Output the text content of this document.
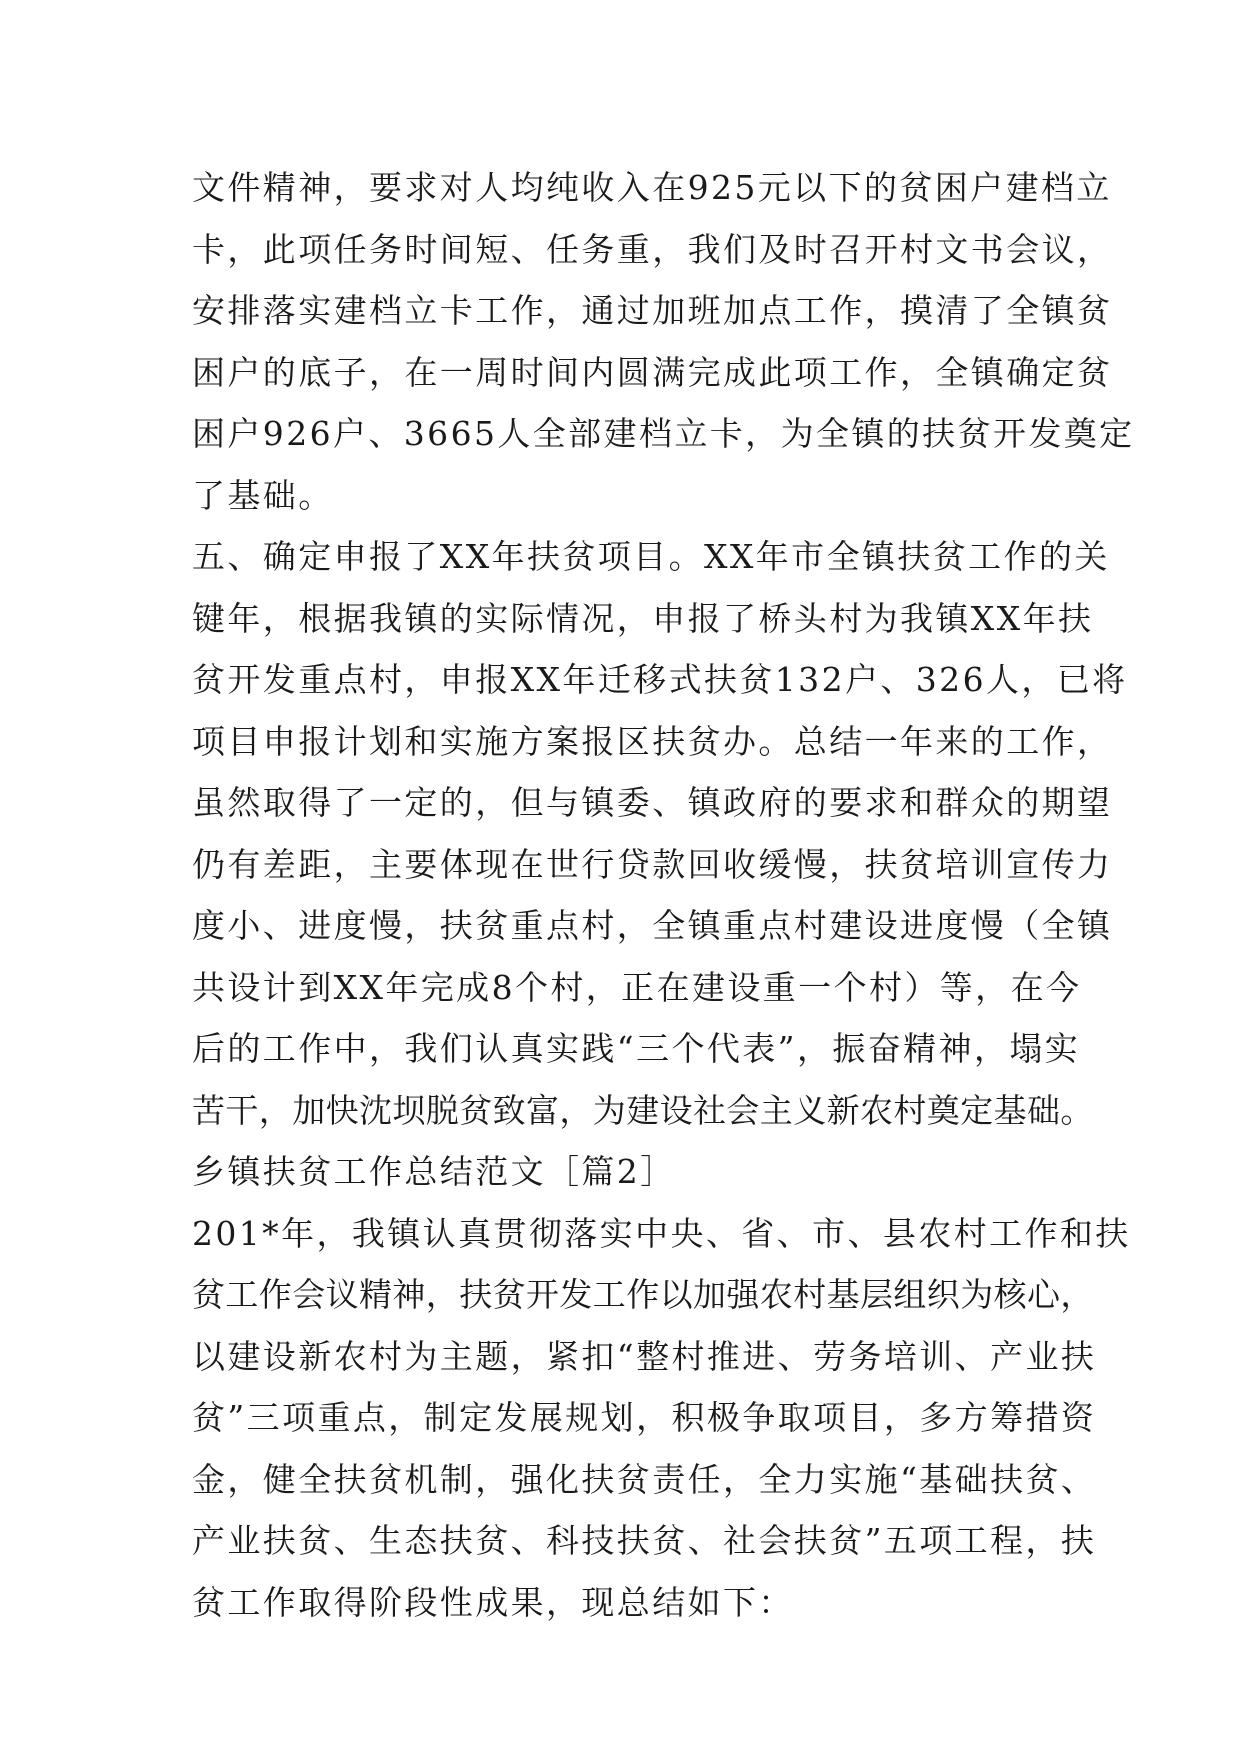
文件精神，要求对人均纯收入在925元以下的贫困户建档立
卡，此项任务时间短、任务重，我们及时召开村文书会议，
安排落实建档立卡工作，通过加班加点工作，摸清了全镇贫
困户的底子，在一周时间内圆满完成此项工作，全镇确定贫
困户926户、3665人全部建档立卡，为全镇的扶贫开发奠定
了基础。
五、确定申报了XX年扶贫项目。XX年市全镇扶贫工作的关
键年，根据我镇的实际情况，申报了桥头村为我镇XX年扶
贫开发重点村，申报XX年迁移式扶贫132户、326人，已将
项目申报计划和实施方案报区扶贫办。总结一年来的工作，
虽然取得了一定的，但与镇委、镇政府的要求和群众的期望
仍有差距，主要体现在世行贷款回收缓慢，扶贫培训宣传力
度小、进度慢，扶贫重点村，全镇重点村建设进度慢（全镇
共设计到XX年完成8个村，正在建设重一个村）等，在今
后的工作中，我们认真实践“三个代表”，振奋精神，塌实
苦干，加快沈坝脱贫致富，为建设社会主义新农村奠定基础。
乡镇扶贫工作总结范文［篇2］
201*年，我镇认真贯彻落实中央、省、市、县农村工作和扶
贫工作会议精神，扶贫开发工作以加强农村基层组织为核心，
以建设新农村为主题，紧扣“整村推进、劳务培训、产业扶
贫”三项重点，制定发展规划，积极争取项目，多方筹措资
金，健全扶贫机制，强化扶贫责任，全力实施“基础扶贫、
产业扶贫、生态扶贫、科技扶贫、社会扶贫”五项工程，扶
贫工作取得阶段性成果，现总结如下：
